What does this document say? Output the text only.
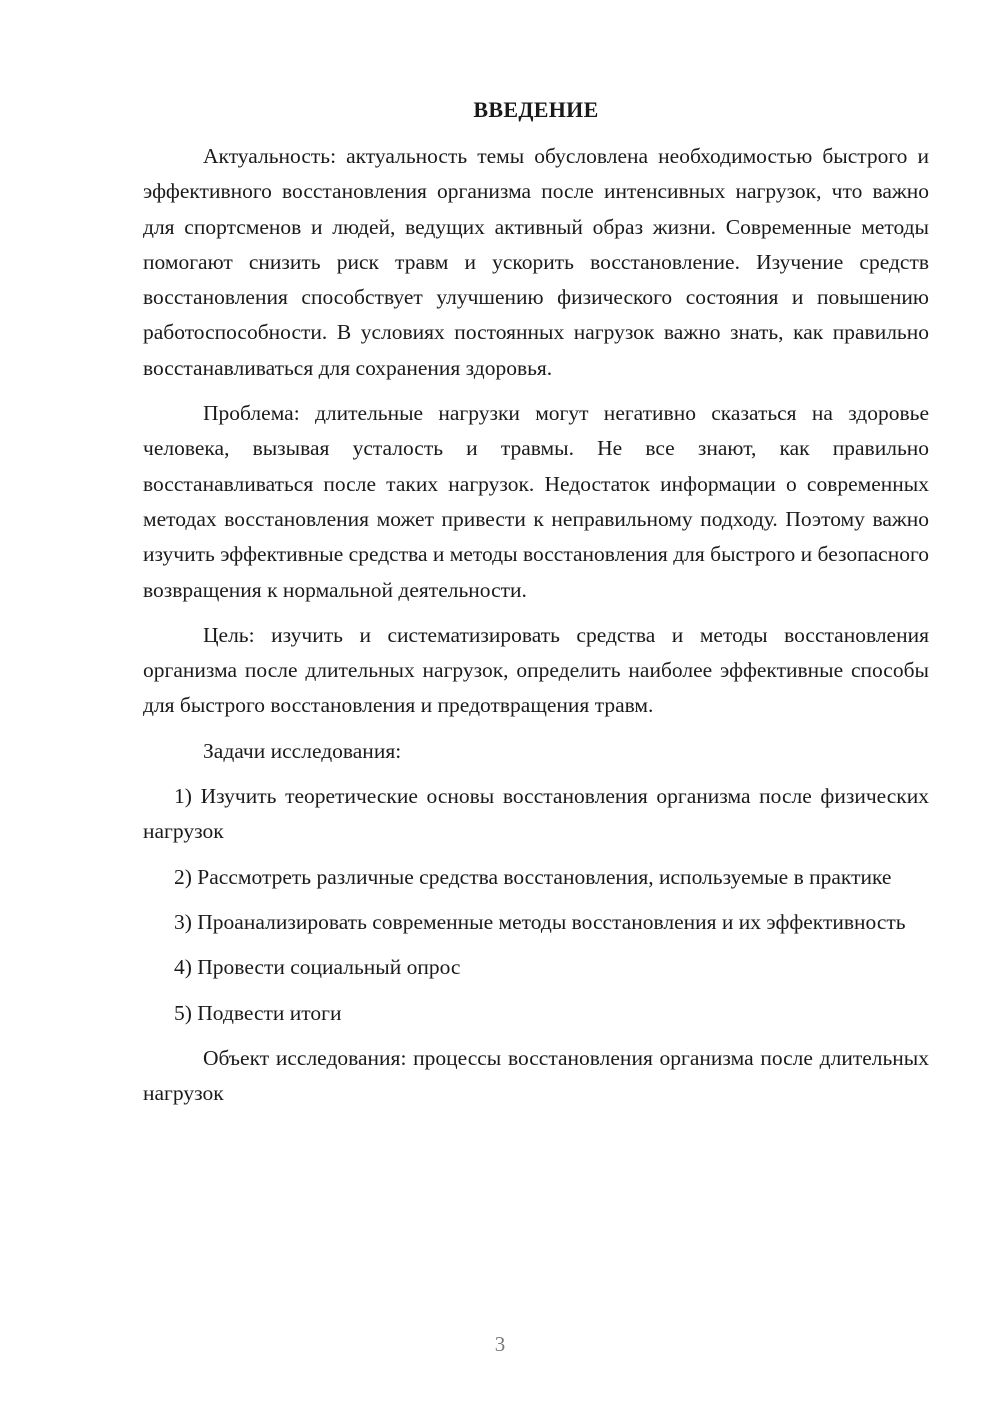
ВВЕДЕНИЕ

Актуальность: актуальность темы обусловлена необходимостью быстрого и эффективного восстановления организма после интенсивных нагрузок, что важно для спортсменов и людей, ведущих активный образ жизни. Современные методы помогают снизить риск травм и ускорить восстановление. Изучение средств восстановления способствует улучшению физического состояния и повышению работоспособности. В условиях постоянных нагрузок важно знать, как правильно восстанавливаться для сохранения здоровья.

Проблема: длительные нагрузки могут негативно сказаться на здоровье человека, вызывая усталость и травмы. Не все знают, как правильно восстанавливаться после таких нагрузок. Недостаток информации о современных методах восстановления может привести к неправильному подходу. Поэтому важно изучить эффективные средства и методы восстановления для быстрого и безопасного возвращения к нормальной деятельности.

Цель: изучить и систематизировать средства и методы восстановления организма после длительных нагрузок, определить наиболее эффективные способы для быстрого восстановления и предотвращения травм.

Задачи исследования:

1) Изучить теоретические основы восстановления организма после физических нагрузок

2) Рассмотреть различные средства восстановления, используемые в практике

3) Проанализировать современные методы восстановления и их эффективность

4) Провести социальный опрос

5) Подвести итоги

Объект исследования: процессы восстановления организма после длительных нагрузок

3
